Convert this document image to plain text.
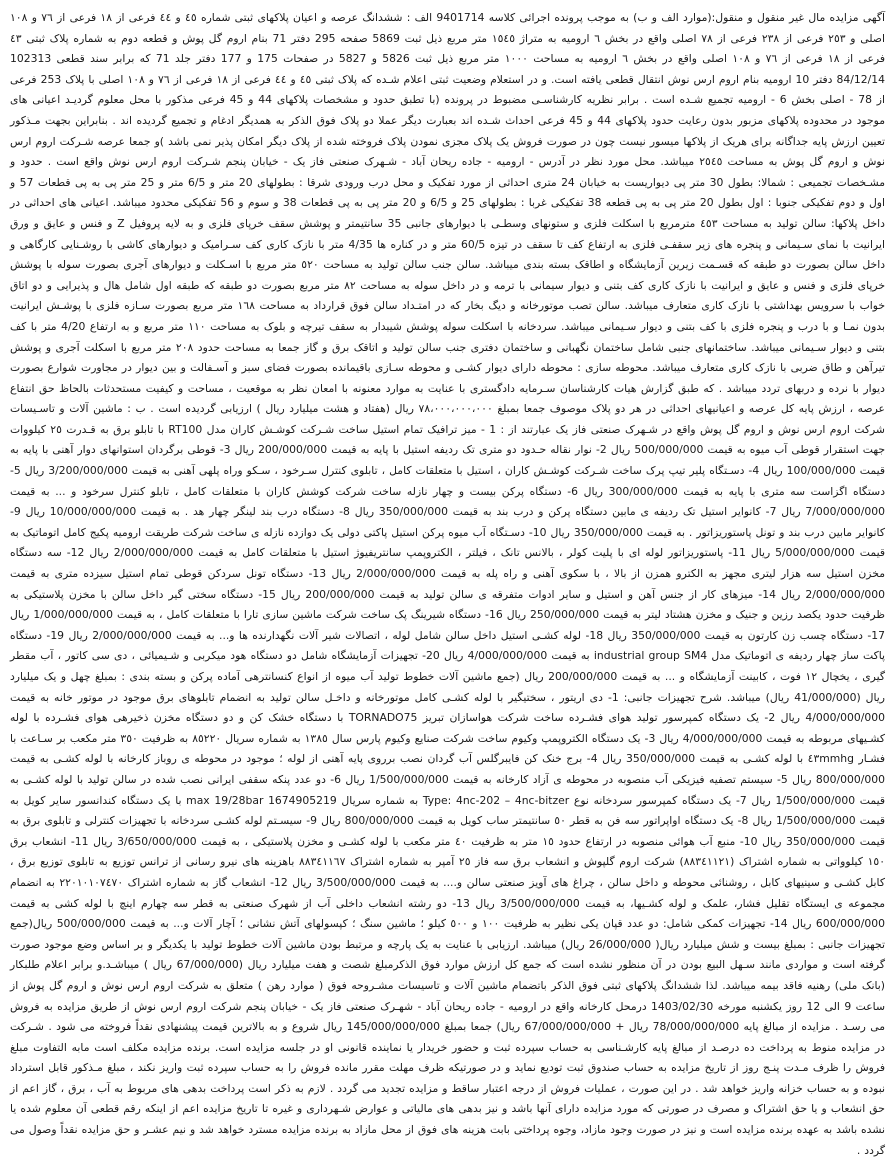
آگهی مزایده مال غیر منقول و منقول:(موارد الف و ب) به موجب پرونده اجرائی کلاسه 9401714 الف : ششدانگ عرصه و اعیان پلاکهای ثبتی شماره ٤٥ و ٤٤ فرعی از ١٨ فرعی از ٧٦ و ١٠٨ اصلی و ٢٥٣ فرعی از ٢٣٨ فرعی از ٧٨ اصلی واقع در بخش ٦ ارومیه به متراژ ١٥٤٥ متر مربع ذیل ثبت 5869 صفحه 295 دفتر 71 بنام اروم گل پوش و قطعه دوم به شماره پلاک ثبتی ٤٣ فرعی از ١٨ فرعی از ٧٦ و ١٠٨ اصلی واقع در بخش ٦ ارومیه به مساحت ١٠٠٠ متر مربع ذیل ثبت 5826 و 5827 در صفحات 175 و 177 دفتر جلد 71 که برابر سند قطعی 102313 84/12/14 دفتر 10 ارومیه بنام اروم ارس نوش انتقال قطعی یافته است. و در استعلام وضعیت ثبتی اعلام شـده که پلاک ثبتی ٤٥ و ٤٤ فرعی از ١٨ فرعی از ٧٦ و ١٠٨ اصلی با پلاک 253 فرعی از 78 - اصلی بخش 6 - ارومیه تجمیع شـده است . برابر نظریه کارشناسـی مضبوط در پرونده (با تطبق حدود و مشخصات پلاکهای 44 و 45 فرعی مذکور با محل معلوم گردیـد اعیانی های موجود در محدوده پلاکهای مزبور بدون رعایت حدود پلاکهای 44 و 45 فرعی احداث شـده اند بعبارت دیگر عملا دو پلاک فوق الذکر به همدیگر ادغام و تجمیع گردیده اند . بنابراین بجهت مـذکور تعیین ارزش پایه جداگانه برای هریک از پلاکها میسور نیست چون در صورت فروش یک پلاک مجزی نمودن پلاک فروخته شده از پلاک دیگر امکان پذیر نمی باشد )و جمعا عرصه شـرکت اروم ارس نوش و اروم گل پوش به مساحت ٢٥٤٥ میباشد. محل مورد نظر در آدرس - ارومیه - جاده ریحان آباد - شـهرک صنعتی فاز یک - خیابان پنجم شـرکت اروم ارس نوش واقع است . حدود و مشـخصات تجمیعی : شمالا: بطول 30 متر پی دیواریست به خیابان 24 متری احداثی از مورد تفکیک و محل درب ورودی شرقا : بطولهای 20 متر و 6/5 متر و 25 متر پی به پی قطعات 57 و اول و دوم تفکیکی جنوبا : اول بطول 20 متر پی به پی قطعه 38 تفکیکی غربا : بطولهای 25 و 6/5 و 20 متر پی به پی قطعات 38 و سوم و 56 تفکیکی محدود میباشد. اعیانی های احداثی در داخل پلاکها: سالن تولید به مساحت ٤٥٣ مترمربع با اسکلت فلزی و ستونهای وسطـی با دیوارهای جانبی 35 سانتیمتر و پوشش سقف خرپای فلزی و به لایه پروفیل Z و فنس و عایق و ورق ایرانیت با نمای سـیمانی و پنجره های زیر سقفـی فلزی به ارتفاع کف تا سقف در تیزه 60/5 متر و در کناره ها 4/35 متر با نازک کاری کف سـرامیک و دیوارهای کاشی با روشـنایی کارگاهی و داخل سالن بصورت دو طبقه که قسـمت زیرین آزمایشگاه و اطاقک بسته بندی میباشد. سالن جنب سالن تولید به مساحت ٥٢٠ متر مربع با اسـکلت و دیوارهای آجری بصورت سوله با پوشش خرپای فلزی و فنس و عایق و ایرانیت با نازک کاری کف بتنی و دیوار سیمانی با ترمه و در داخل سوله به مساحت ٨٢ متر مربع بصورت دو طبقه که طبقه اول شامل هال و پذیرایی و دو اتاق خواب با سرویس بهداشتی با نازک کاری متعارف میباشد. سالن تصب موتورخانه و دیگ بخار که در امتـداد سالن فوق قرارداد به مساحت ١٦٨ متر مربع بصورت سـازه فلزی با پوشـش ایرانیت بدون نمـا و با درب و پنجره فلزی با کف بتنی و دیوار سـیمانی میباشد. سردخانه با اسکلت سوله پوشش شیبدار به سقف تیرچه و بلوک به مساحت ١١٠ متر مربع و به ارتفاع 4/20 متر با کف بتنی و دیوار سـیمانی میباشد. ساختمانهای جنبی شامل ساختمان نگهبانی و ساختمان دفتری جنب سالن تولید و اتاقک برق و گاز جمعا به مساحت حدود ٢٠٨ متر مربع با اسکلت آجری و پوشش تیرآهن و طاق ضربی با نازک کاری متعارف میباشد. محوطه سازی : محوطه دارای دیوار کشـی و محوطه سـازی باقیمانده بصورت فضای سبز و آسـفالت و بین دیوار در مجاورت شوارع بصورت دیوار با نرده و دربهای تردد میباشد . که طبق گزارش هیات کارشناسان سـرمایه دادگستری با عنایت به موارد معنونه با امعان نظر به موقعیت ، مساحت و کیفیت مستحدثات بالحاظ حق انتفاع عرصه ، ارزش پایه کل عرصه و اعیانیهای احداثی در هر دو پلاک موصوف جمعا بمبلغ ٧٨،٠٠٠،٠٠٠،٠٠٠ ریال (هفتاد و هشت میلیارد ریال ) ارزیابی گردیده است . ب : ماشین آلات و تاسـیسات شرکت اروم ارس نوش و اروم گل پوش واقع در شـهرک صنعتی فاز یک عبارتند از : 1 - میز ترافیک تمام استیل ساخت شـرکت کوشـش کاران مدل RT100 با تابلو برق به قـدرت ٢٥ کیلووات جهت استقرار قوطی آب میوه به قیمت 500/000/000 ریال 2- نوار نقاله حـدود دو متری تک ردیفه استیل با پایه به قیمت 200/000/000 ریال 3- قوطی برگردان استوانهای دوار آهنی با پایه به قیمت 100/000/000 ریال 4- دسـتگاه پلیر تیپ پرک ساخت شـرکت کوشـش کاران ، استیل با متعلقات کامل ، تابلوی کنترل سـرخود ، سـکو وراه پلهی آهنی به قیمت 3/200/000/000 ریال 5- دستگاه اگزاست سه متری با پایه به قیمت 300/000/000 ریال 6- دستگاه پرکن بیست و چهار نازله ساخت شرکت کوشش کاران با متعلقات کامل ، تابلو کنترل سرخود و ... به قیمت 7/000/000/000 ریال 7- کانوایر استیل تک ردیفه ی مابین دستگاه پرکن و درب بند به قیمت 350/000/000 ریال 8- دستگاه درب بند لینگر چهار هد . به قیمت 10/000/000/000 ریال 9- کانوایر مابین درب بند و تونل پاستوریزاتور . به قیمت 350/000/000 ریال 10- دسـتگاه آب میوه پرکن استیل پاکتی دولی یک دوازده نازله ی ساخت شرکت طریقت ارومیه پکیج کامل اتوماتیک به قیمت 5/000/000/000 ریال 11- پاستوریزاتور لوله ای با پلیت کولر ، بالانس تانک ، فیلتر ، الکتروپمپ سانتریفیوژ استیل با متعلقات کامل به قیمت 2/000/000/000 ریال 12- سه دستگاه مخزن استیل سه هزار لیتری مجهز به الکترو همزن از بالا ، با سکوی آهنی و راه پله به قیمت 2/000/000/000 ریال 13- دستگاه تونل سردکن قوطی تمام استیل سیزده متری به قیمت 2/000/000/000 ریال 14- میزهای کار از جنس آهن و استیل و سایر ادوات متفرقه ی سالن تولید به قیمت 200/000/000 ریال 15- دستگاه سختی گیر داخل سالن با مخزن پلاستیکی به ظرفیت حدود یکصد رزین و جنیک و مخزن هشتاد لیتر به قیمت 250/000/000 ریال 16- دستگاه شیرینگ پک ساخت شرکت ماشین سازی تارا با متعلقات کامل ، به قیمت 1/000/000/000 ریال 17- دستگاه چسب زن کارتون به قیمت 350/000/000 ریال 18- لوله کشـی استیل داخل سالن شامل لوله ، اتصالات شیر آلات نگهدارنده ها و... به قیمت 2/000/000/000 ریال 19- دستگاه پاکت ساز چهار ردیفه ی اتوماتیک مدل industrial group SM4 به قیمت 4/000/000/000 ریال 20- تجهیزات آزمایشگاه شامل دو دستگاه هود میکربی و شـیمیائی ، دی سی کاتور ، آب مقطر گیری ، یخچال ١٢ فوت ، کابینت آزمایشگاه و ... به قیمت 200/000/000 ریال (جمع ماشین آلات خطوط تولید آب میوه از انواع کنسانترهی آماده پرکن و بسته بندی : بمبلغ چهل و یک میلیارد ریال (41/000/000 ریال) میباشد. شرح تجهیزات جانبی: 1- دی اریتور ، سختیگیر با لوله کشـی کامل موتورخانه و داخـل سالن تولید به انضمام تابلوهای برق موجود در موتور خانه به قیمت 4/000/000/000 ریال 2- یک دستگاه کمپرسور تولید هوای فشـرده ساخت شرکت هواسازان تبریز TORNADO75 با دستگاه خشک کن و دو دستگاه مخزن ذخیرهی هوای فشـرده با لوله کشـیهای مربوطه به قیمت 4/000/000/000 ریال 3- یک دستگاه الکتروپمپ وکیوم ساخت شرکت صنایع وکیوم پارس سال ١٣٨٥ به شماره سریال ٨٥٢٢٠ به ظرفیت ٣٥٠ متر مکعب بر سـاعت با فشـار ٤٣mmhg با لوله کشـی به قیمت 350/000/000 ریال 4- برج خنک کن فایبرگلس آب گردان نصب برروی پایه آهنی از لوله ؛ موجود در محوطه ی روباز کارخانه با لوله کشـی به قیمت 800/000/000 ریال 5- سیستم تصفیه فیزیکی آب منصوبه در محوطه ی آزاد کارخانه به قیمت 1/500/000/000 ریال 6- دو عدد پنکه سقفی ایرانی نصب شده در سالن تولید با لوله کشـی به قیمت 1/500/000/000 ریال 7- یک دستگاه کمپرسور سردخانه نوع Type: 4nc-202 – 4nc-bitzer به شماره سریال 1674905219 max 19/28bar با یک دستگاه کندانسور سایر کویل به قیمت 1/500/000/000 ریال 8- یک دستگاه اواپراتور سه فن به قطر ٥٠ سانتیمتر ساب کویل به قیمت 800/000/000 ریال 9- سیسـتم لوله کشـی سردخانه با تجهیزات کنترلی و تابلوی برق به قیمت 350/000/000 ریال 10- منبع آب هوائی منصوبه در ارتفاع حدود ١٥ متر به ظرفیت ٤٠ متر مکعب با لوله کشـی و مخزن پلاستیکی ، به قیمت 3/650/000/000 ریال 11- انشعاب برق ١٥٠ کیلوواتی به شماره اشتراک (٨٨٣٤١١٢١) شرکت اروم گلپوش و انشعاب برق سه فاز ٢٥ آمپر به شماره اشتراک ٨٨٣٤١١٦٧ باهزینه های نیرو رسانی از ترانس توزیع به تابلوی توزیع برق ، کابل کشـی و سینیهای کابل ، روشنائی محوطه و داخل سالن ، چراغ های آویز صنعتی سالن و.... به قیمت 3/500/000/000 ریال 12- انشعاب گاز به شماره اشتراک ٢٢٠١٠١٠٧٤٧٠ به انضمام مجموعه ی ایستگاه تقلیل فشار، علمک و لوله کشـیها، به قیمت 3/500/000/000 ریال 13- دو رشته انشعاب داخلی آب از شهرک صنعتی به قطر سه چهارم اینچ با لوله کشی به قیمت 600/000/000 ریال 14- تجهیزات کمکی شامل: دو عدد قپان یکی نظیر به ظرفیت ١٠٠ و ٥٠٠ کیلو ؛ ماشین سنگ ؛ کپسولهای آتش نشانی ؛ آچار آلات و... به قیمت 500/000/000 ریال(جمع تجهیزات جانبی : بمبلغ بیست و شش میلیارد ریال( 26/000/000 ریال) میباشد. ارزیابی با عنایت به یک پارچه و مرتبط بودن ماشین آلات خطوط تولید با یکدیگر و بر اساس وضع موجود صورت گرفته است و مواردی مانند سـهل البیع بودن در آن منظور نشده است که جمع کل ارزش موارد فوق الذکرمبلغ شصت و هفت میلیارد ریال (67/000/000 ریال ) میباشـد.و برابر اعلام طلبکار (بانک ملی) رهنیه فاقد بیمه میباشد. لذا ششدانگ پلاکهای ثبتی فوق الذکر باتضمام ماشین آلات و تاسیسات مشـروحه فوق ( موارد رهن ) متعلق به شرکت اروم ارس نوش و اروم گل پوش از ساعت 9 الی 12 روز یکشنبه مورخه 1403/02/30 درمحل کارخانه واقع در ارومیه - جاده ریحان آباد - شهـرک صنعتی فاز یک - خیابان پنجم شرکت اروم ارس نوش از طریق مزایده به فروش می رسـد . مزایده از مبالغ پایه 78/000/000/000 ریال + 67/000/000/000 ریال) جمعا بمبلغ 145/000/000/000 ریال شروع و به بالاترین قیمت پیشنهادی نقداً فروخته می شود . شـرکت در مزایده منوط به پرداخت ده درصـد از مبالغ پایه کارشـناسی به حساب سپرده ثبت و حضور خریدار یا نماینده قانونی او در جلسه مزایده است. برنده مزایده مکلف است مابه التفاوت مبلغ فروش را ظرف مـدت پنـج روز از تاریخ مزایده به حساب صندوق ثبت تودیع نماید و در صورتیکه ظرف مهلت مقرر مانده فروش را به حساب سپرده ثبت واریز نکند ، مبلغ مـذکور قابل استرداد نبوده و به حساب خزانه واریز خواهد شد . در این صورت ، عملیات فروش از درجه اعتبار ساقط و مزایده تجدید می گردد . لازم به ذکر است پرداخت بدهی های مربوط به آب ، برق ، گاز اعم از حق انشعاب و یا حق اشتراک و مصرف در صورتی که مورد مزایده دارای آنها باشد و نیز بدهی های مالیاتی و عوارض شـهرداری و غیره تا تاریخ مزایده اعم از اینکه رقم قطعی آن معلوم شده یا نشده باشد به عهده برنده مزایده است و نیز در صورت وجود مازاد، وجوه پرداختی بابت هزینه های فوق از محل مازاد به برنده مزایده مسترد خواهد شد و نیم عشـر و حق مزایده نقداً وصول می گردد .
